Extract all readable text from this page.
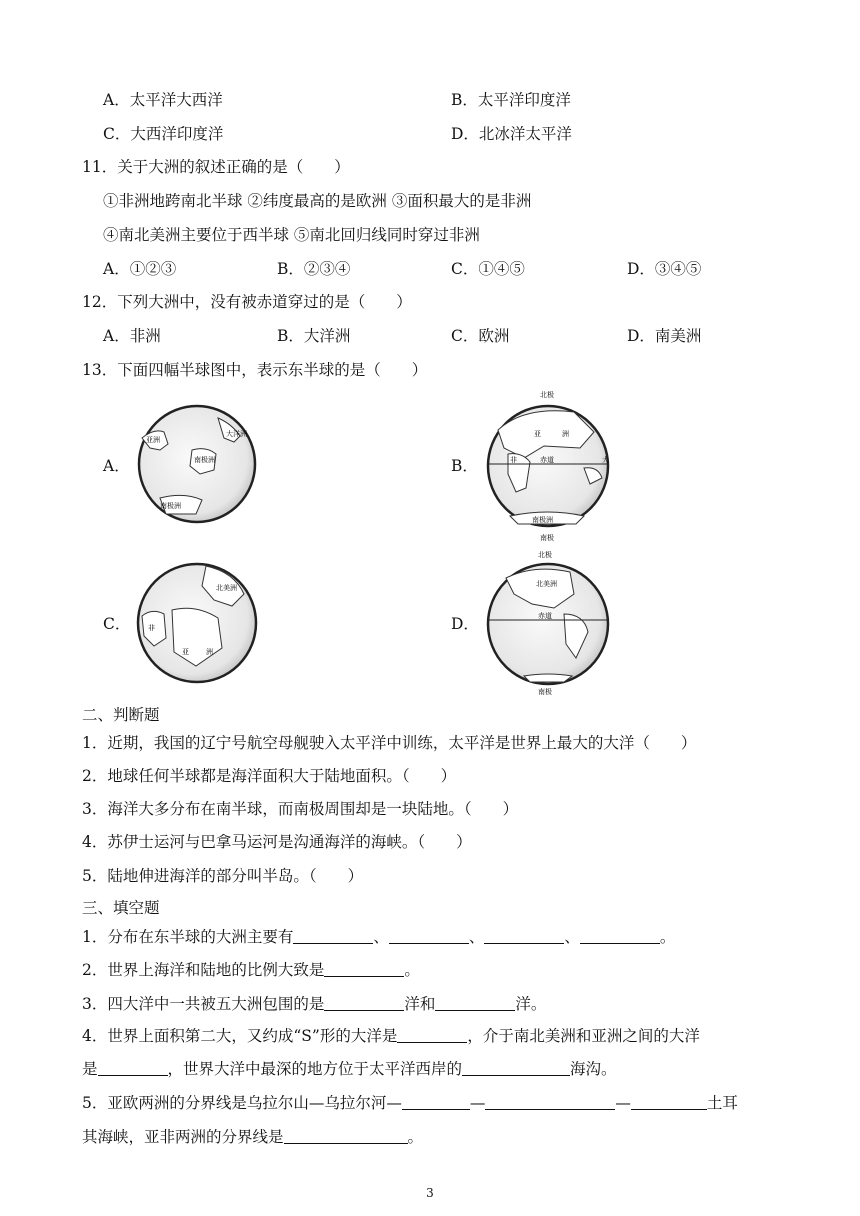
A．太平洋大西洋	B．太平洋印度洋
C．大西洋印度洋	D．北冰洋太平洋
11．关于大洲的叙述正确的是（　　）
①非洲地跨南北半球 ②纬度最高的是欧洲 ③面积最大的是非洲
④南北美洲主要位于西半球 ⑤南北回归线同时穿过非洲
A．①②③	B．②③④	C．①④⑤	D．③④⑤
12．下列大洲中，没有被赤道穿过的是（　　）
A．非洲	B．大洋洲	C．欧洲	D．南美洲
13．下面四幅半球图中，表示东半球的是（　　）
A．	B．
C．	D．
亚洲
大洋洲
南极洲
南极洲
北极
亚	洲
非	赤道	大
南极洲
南极
北美洲
非
亚 洲
北极
北美洲
赤道
南极
二、判断题
1．近期，我国的辽宁号航空母舰驶入太平洋中训练，太平洋是世界上最大的大洋（　　）
2．地球任何半球都是海洋面积大于陆地面积。（　　）
3．海洋大多分布在南半球，而南极周围却是一块陆地。（　　）
4．苏伊士运河与巴拿马运河是沟通海洋的海峡。（　　）
5．陆地伸进海洋的部分叫半岛。（　　）
三、填空题
1．分布在东半球的大洲主要有	、	、	、	。
2．世界上海洋和陆地的比例大致是	。
3．四大洋中一共被五大洲包围的是	洋和	洋。
4．世界上面积第二大，又约成“S”形的大洋是	，介于南北美洲和亚洲之间的大洋
是	，世界大洋中最深的地方位于太平洋西岸的	海沟。
5．亚欧两洲的分界线是乌拉尔山—乌拉尔河—	—	—	土耳
其海峡，亚非两洲的分界线是	。
3
